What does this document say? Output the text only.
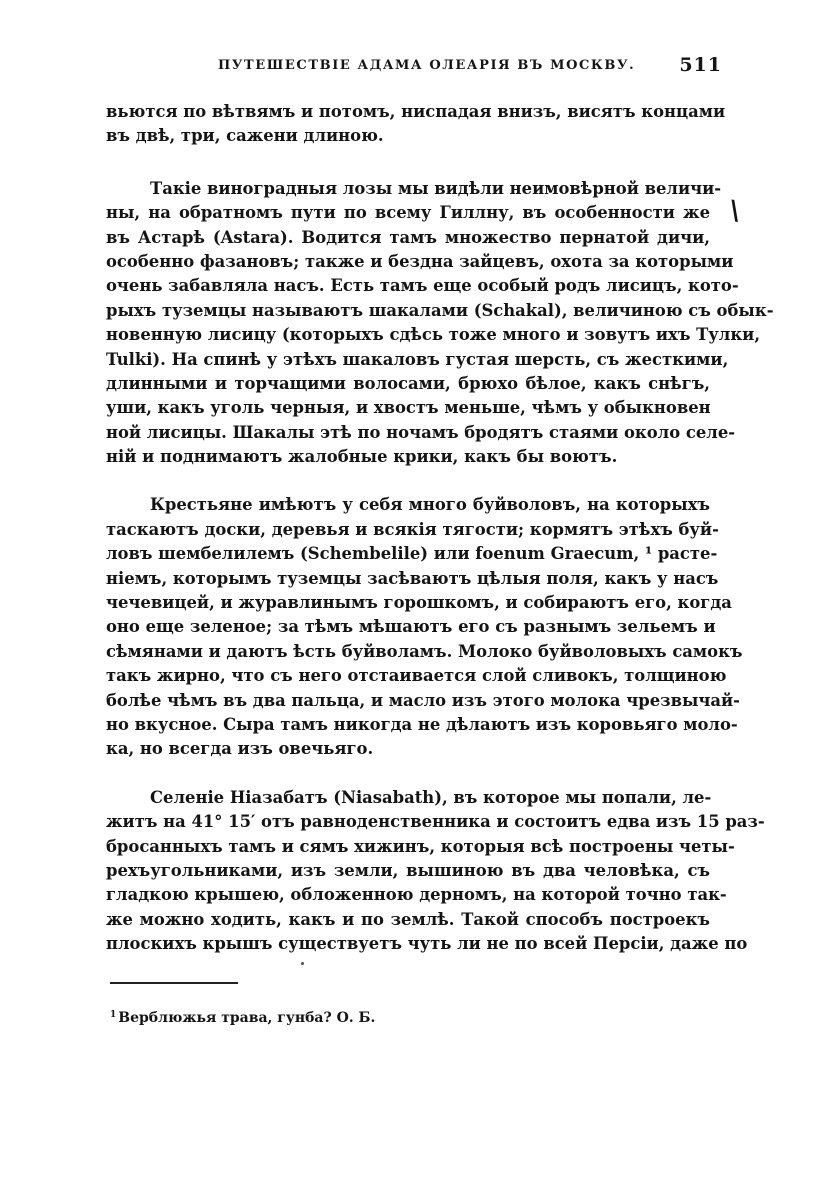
ПУТЕШЕСТВІЕ АДАМА ОЛЕАРІЯ ВЪ МОСКВУ. 511
\
вьются по вѣтвямъ и потомъ, ниспадая внизъ, висятъ концами
въ двѣ, три, сажени длиною.
Такіе виноградныя лозы мы видѣли неимовѣрной величи-
ны, на обратномъ пути по всему Гиллну, въ особенности же
въ Астарѣ (Astara). Водится тамъ множество пернатой дичи,
особенно фазановъ; также и бездна зайцевъ, охота за которыми
очень забавляла насъ. Есть тамъ еще особый родъ лисицъ, кото-
рыхъ туземцы называютъ шакалами (Schakal), величиною съ обык-
новенную лисицу (которыхъ сдѣсь тоже много и зовутъ ихъ Тулки,
Tulki). На спинѣ у этѣхъ шакаловъ густая шерсть, съ жесткими,
длинными и торчащими волосами, брюхо бѣлое, какъ снѣгъ,
уши, какъ уголь черныя, и хвостъ меньше, чѣмъ у обыкновен
ной лисицы. Шакалы этѣ по ночамъ бродятъ стаями около селе-
ній и поднимаютъ жалобные крики, какъ бы воютъ.
Крестьяне имѣютъ у себя много буйволовъ, на которыхъ
таскаютъ доски, деревья и всякія тягости; кормятъ этѣхъ буй-
ловъ шембелилемъ (Schembelile) или foenum Graecum, ¹ расте-
ніемъ, которымъ туземцы засѣваютъ цѣлыя поля, какъ у насъ
чечевицей, и журавлинымъ горошкомъ, и собираютъ его, когда
оно еще зеленое; за тѣмъ мѣшаютъ его съ разнымъ зельемъ и
сѣмянами и даютъ ѣсть буйволамъ. Молоко буйволовыхъ самокъ
такъ жирно, что съ него отстаивается слой сливокъ, толщиною
болѣе чѣмъ въ два пальца, и масло изъ этого молока чрезвычай-
но вкусное. Сыра тамъ никогда не дѣлаютъ изъ коровьяго моло-
ка, но всегда изъ овечьяго.
Селеніе Ніазабатъ (Niasabath), въ которое мы попали, ле-
житъ на 41° 15′ отъ равноденственника и состоитъ едва изъ 15 раз-
бросанныхъ тамъ и сямъ хижинъ, которыя всѣ построены четы-
рехъугольниками, изъ земли, вышиною въ два человѣка, съ
гладкою крышею, обложенною дерномъ, на которой точно так-
же можно ходить, какъ и по землѣ. Такой способъ построекъ
плоскихъ крышъ существуетъ чуть ли не по всей Персіи, даже по
$^1$ Верблюжья трава, гунба? О. Б.
